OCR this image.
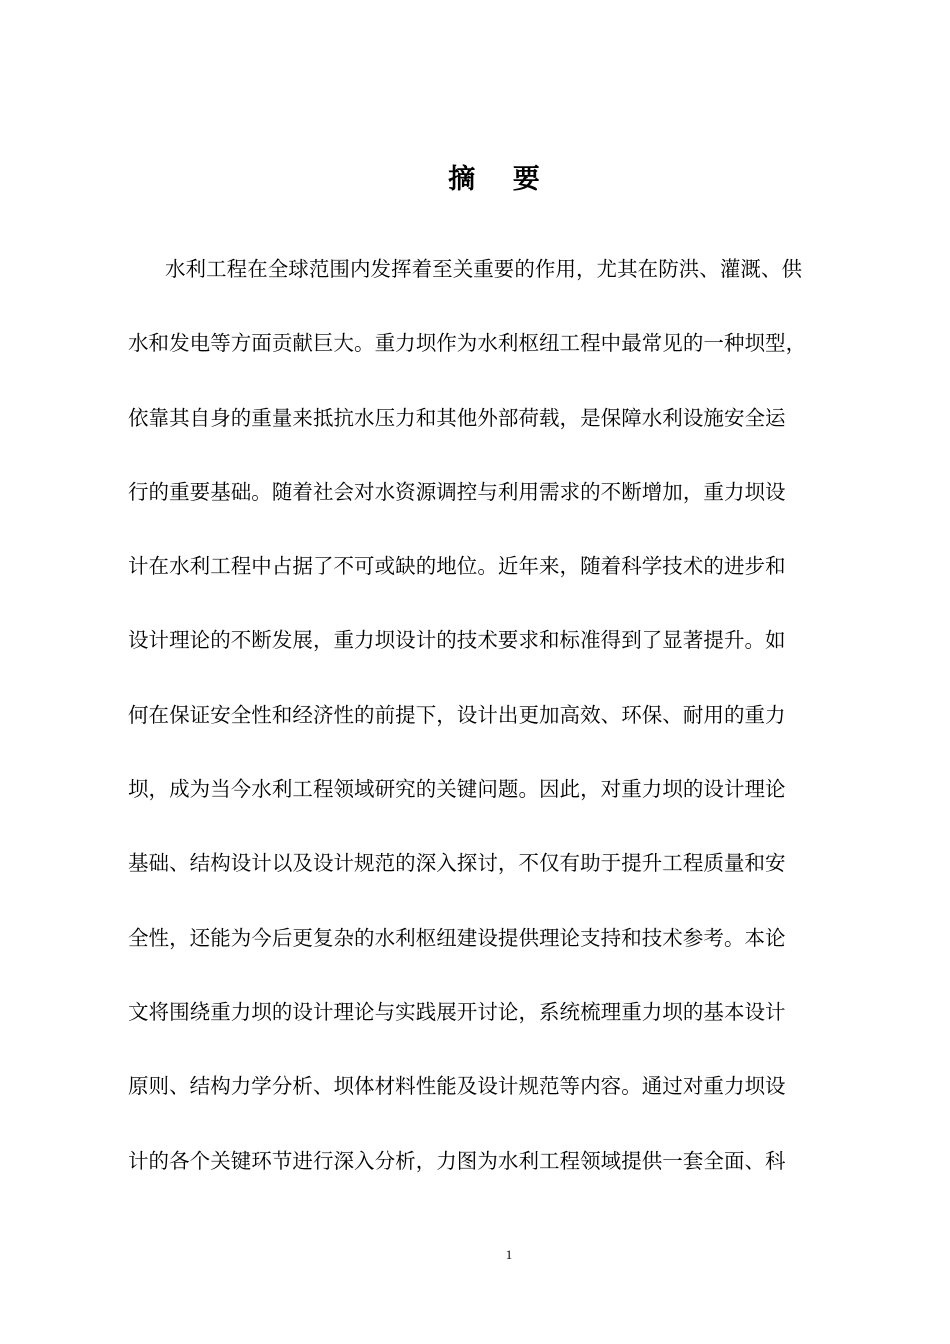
摘    要
水利工程在全球范围内发挥着至关重要的作用，尤其在防洪、灌溉、供
水和发电等方面贡献巨大。重力坝作为水利枢纽工程中最常见的一种坝型，
依靠其自身的重量来抵抗水压力和其他外部荷载，是保障水利设施安全运
行的重要基础。随着社会对水资源调控与利用需求的不断增加，重力坝设
计在水利工程中占据了不可或缺的地位。近年来，随着科学技术的进步和
设计理论的不断发展，重力坝设计的技术要求和标准得到了显著提升。如
何在保证安全性和经济性的前提下，设计出更加高效、环保、耐用的重力
坝，成为当今水利工程领域研究的关键问题。因此，对重力坝的设计理论
基础、结构设计以及设计规范的深入探讨，不仅有助于提升工程质量和安
全性，还能为今后更复杂的水利枢纽建设提供理论支持和技术参考。本论
文将围绕重力坝的设计理论与实践展开讨论，系统梳理重力坝的基本设计
原则、结构力学分析、坝体材料性能及设计规范等内容。通过对重力坝设
计的各个关键环节进行深入分析，力图为水利工程领域提供一套全面、科
1
